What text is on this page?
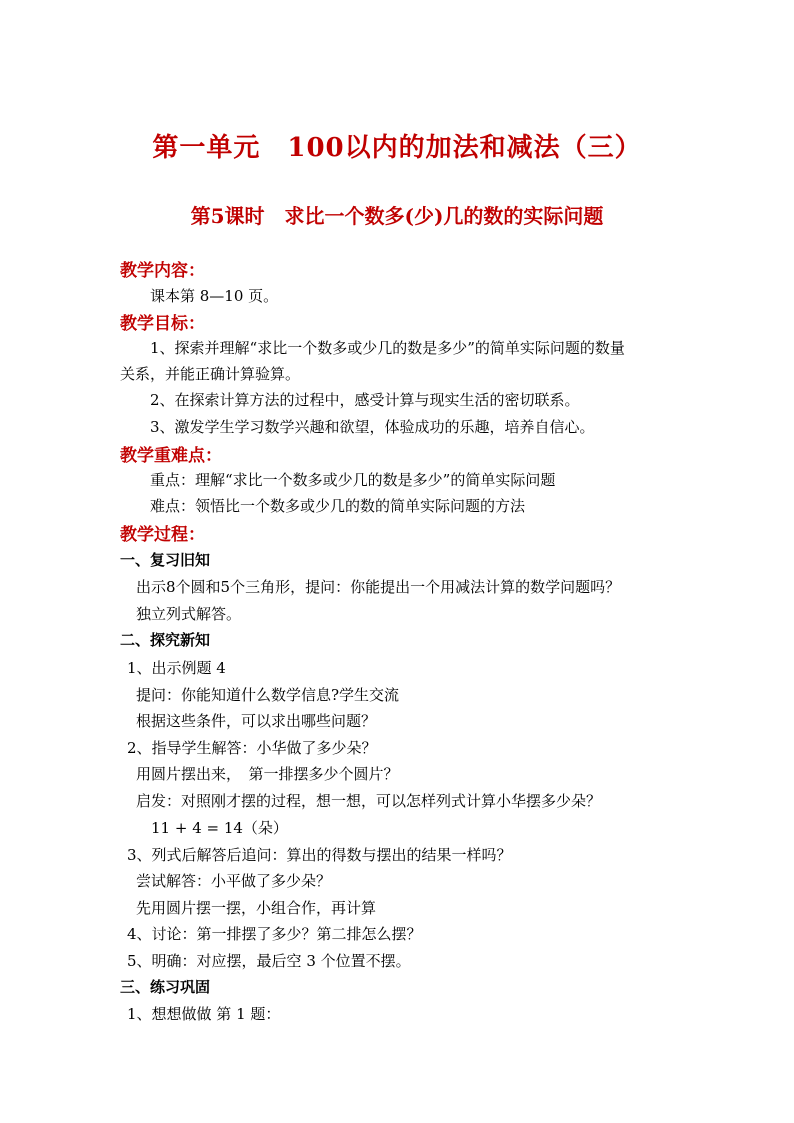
第一单元　100以内的加法和减法（三）
第5课时　求比一个数多(少)几的数的实际问题
教学内容：
课本第 8—10 页。
教学目标：
1、探索并理解“求比一个数多或少几的数是多少”的简单实际问题的数量
关系，并能正确计算验算。
2、在探索计算方法的过程中，感受计算与现实生活的密切联系。
3、激发学生学习数学兴趣和欲望，体验成功的乐趣，培养自信心。
教学重难点：
重点：理解“求比一个数多或少几的数是多少”的简单实际问题
难点：领悟比一个数多或少几的数的简单实际问题的方法
教学过程：
一、复习旧知
出示8个圆和5个三角形，提问：你能提出一个用减法计算的数学问题吗？
独立列式解答。
二、探究新知
1、出示例题 4
提问：你能知道什么数学信息?学生交流
根据这些条件，可以求出哪些问题？
2、指导学生解答：小华做了多少朵？
用圆片摆出来，　第一排摆多少个圆片？
启发：对照刚才摆的过程，想一想，可以怎样列式计算小华摆多少朵？
11 + 4 = 14（朵）
3、列式后解答后追问：算出的得数与摆出的结果一样吗？
尝试解答：小平做了多少朵？
先用圆片摆一摆，小组合作，再计算
4、讨论：第一排摆了多少？第二排怎么摆？
5、明确：对应摆，最后空 3 个位置不摆。
三、练习巩固
1、想想做做 第 1 题：
